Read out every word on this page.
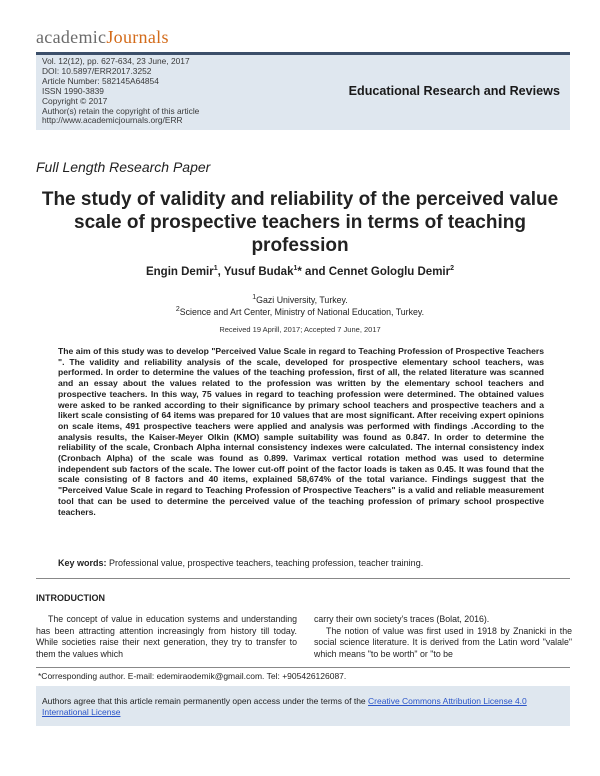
academicJournals
Vol. 12(12), pp. 627-634, 23 June, 2017
DOI: 10.5897/ERR2017.3252
Article Number: 582145A64854
ISSN 1990-3839
Copyright © 2017
Author(s) retain the copyright of this article
http://www.academicjournals.org/ERR
Educational Research and Reviews
Full Length Research Paper
The study of validity and reliability of the perceived value scale of prospective teachers in terms of teaching profession
Engin Demir$^1$, Yusuf Budak$^1$* and Cennet Gologlu Demir$^2$
$^1$Gazi University, Turkey.
$^2$Science and Art Center, Ministry of National Education, Turkey.
Received 19 Aprill, 2017; Accepted 7 June, 2017
The aim of this study was to develop "Perceived Value Scale in regard to Teaching Profession of Prospective Teachers ". The validity and reliability analysis of the scale, developed for prospective elementary school teachers, was performed. In order to determine the values of the teaching profession, first of all, the related literature was scanned and an essay about the values related to the profession was written by the elementary school teachers and prospective teachers. In this way, 75 values in regard to teaching profession were determined. The obtained values were asked to be ranked according to their significance by primary school teachers and prospective teachers and a likert scale consisting of 64 items was prepared for 10 values that are most significant. After receiving expert opinions on scale items, 491 prospective teachers were applied and analysis was performed with findings .According to the analysis results, the Kaiser-Meyer Olkin (KMO) sample suitability was found as 0.847. In order to determine the reliability of the scale, Cronbach Alpha internal consistency indexes were calculated. The internal consistency index (Cronbach Alpha) of the scale was found as 0.899. Varimax vertical rotation method was used to determine independent sub factors of the scale. The lower cut-off point of the factor loads is taken as 0.45. It was found that the scale consisting of 8 factors and 40 items, explained 58,674% of the total variance. Findings suggest that the "Perceived Value Scale in regard to Teaching Profession of Prospective Teachers" is a valid and reliable measurement tool that can be used to determine the perceived value of the teaching profession of primary school prospective teachers.
Key words: Professional value, prospective teachers, teaching profession, teacher training.
INTRODUCTION
The concept of value in education systems and understanding has been attracting attention increasingly from history till today. While societies raise their next generation, they try to transfer to them the values which
carry their own society's traces (Bolat, 2016).
The notion of value was first used in 1918 by Znanicki in the social science literature. It is derived from the Latin word "valale" which means "to be worth" or "to be
*Corresponding author. E-mail: edemiraodemik@gmail.com. Tel: +905426126087.
Authors agree that this article remain permanently open access under the terms of the Creative Commons Attribution License 4.0 International License
